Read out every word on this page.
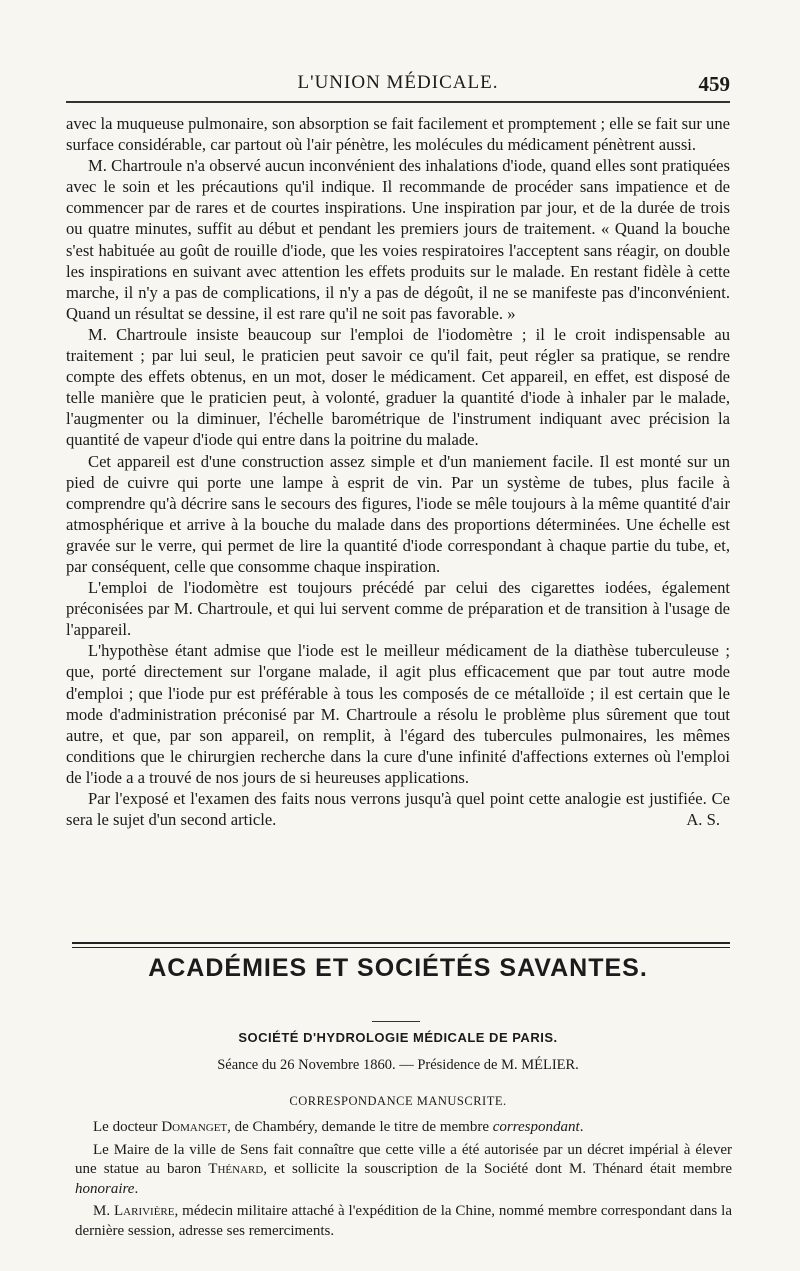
L'UNION MÉDICALE.	459

avec la muqueuse pulmonaire, son absorption se fait facilement et promptement ; elle se fait sur une surface considérable, car partout où l'air pénètre, les molécules du médicament pénètrent aussi.

M. Chartroule n'a observé aucun inconvénient des inhalations d'iode, quand elles sont pratiquées avec le soin et les précautions qu'il indique. Il recommande de procéder sans impatience et de commencer par de rares et de courtes inspirations. Une inspiration par jour, et de la durée de trois ou quatre minutes, suffit au début et pendant les premiers jours de traitement. « Quand la bouche s'est habituée au goût de rouille d'iode, que les voies respiratoires l'acceptent sans réagir, on double les inspirations en suivant avec attention les effets produits sur le malade. En restant fidèle à cette marche, il n'y a pas de complications, il n'y a pas de dégoût, il ne se manifeste pas d'inconvénient. Quand un résultat se dessine, il est rare qu'il ne soit pas favorable. »

M. Chartroule insiste beaucoup sur l'emploi de l'iodomètre ; il le croit indispensable au traitement ; par lui seul, le praticien peut savoir ce qu'il fait, peut régler sa pratique, se rendre compte des effets obtenus, en un mot, doser le médicament. Cet appareil, en effet, est disposé de telle manière que le praticien peut, à volonté, graduer la quantité d'iode à inhaler par le malade, l'augmenter ou la diminuer, l'échelle barométrique de l'instrument indiquant avec précision la quantité de vapeur d'iode qui entre dans la poitrine du malade.

Cet appareil est d'une construction assez simple et d'un maniement facile. Il est monté sur un pied de cuivre qui porte une lampe à esprit de vin. Par un système de tubes, plus facile à comprendre qu'à décrire sans le secours des figures, l'iode se mêle toujours à la même quantité d'air atmosphérique et arrive à la bouche du malade dans des proportions déterminées. Une échelle est gravée sur le verre, qui permet de lire la quantité d'iode correspondant à chaque partie du tube, et, par conséquent, celle que consomme chaque inspiration.

L'emploi de l'iodomètre est toujours précédé par celui des cigarettes iodées, également préconisées par M. Chartroule, et qui lui servent comme de préparation et de transition à l'usage de l'appareil.

L'hypothèse étant admise que l'iode est le meilleur médicament de la diathèse tuberculeuse ; que, porté directement sur l'organe malade, il agit plus efficacement que par tout autre mode d'emploi ; que l'iode pur est préférable à tous les composés de ce métalloïde ; il est certain que le mode d'administration préconisé par M. Chartroule a résolu le problème plus sûrement que tout autre, et que, par son appareil, on remplit, à l'égard des tubercules pulmonaires, les mêmes conditions que le chirurgien recherche dans la cure d'une infinité d'affections externes où l'emploi de l'iode a a trouvé de nos jours de si heureuses applications.

Par l'exposé et l'examen des faits nous verrons jusqu'à quel point cette analogie est justifiée. Ce sera le sujet d'un second article.	A. S.

ACADÉMIES ET SOCIÉTÉS SAVANTES.
SOCIÉTÉ D'HYDROLOGIE MÉDICALE DE PARIS.
Séance du 26 Novembre 1860. — Présidence de M. MÉLIER.
CORRESPONDANCE MANUSCRITE.

Le docteur Domanget, de Chambéry, demande le titre de membre correspondant.

Le Maire de la ville de Sens fait connaître que cette ville a été autorisée par un décret impérial à élever une statue au baron Thénard, et sollicite la souscription de la Société dont M. Thénard était membre honoraire.

M. Larivière, médecin militaire attaché à l'expédition de la Chine, nommé membre correspondant dans la dernière session, adresse ses remerciments.
